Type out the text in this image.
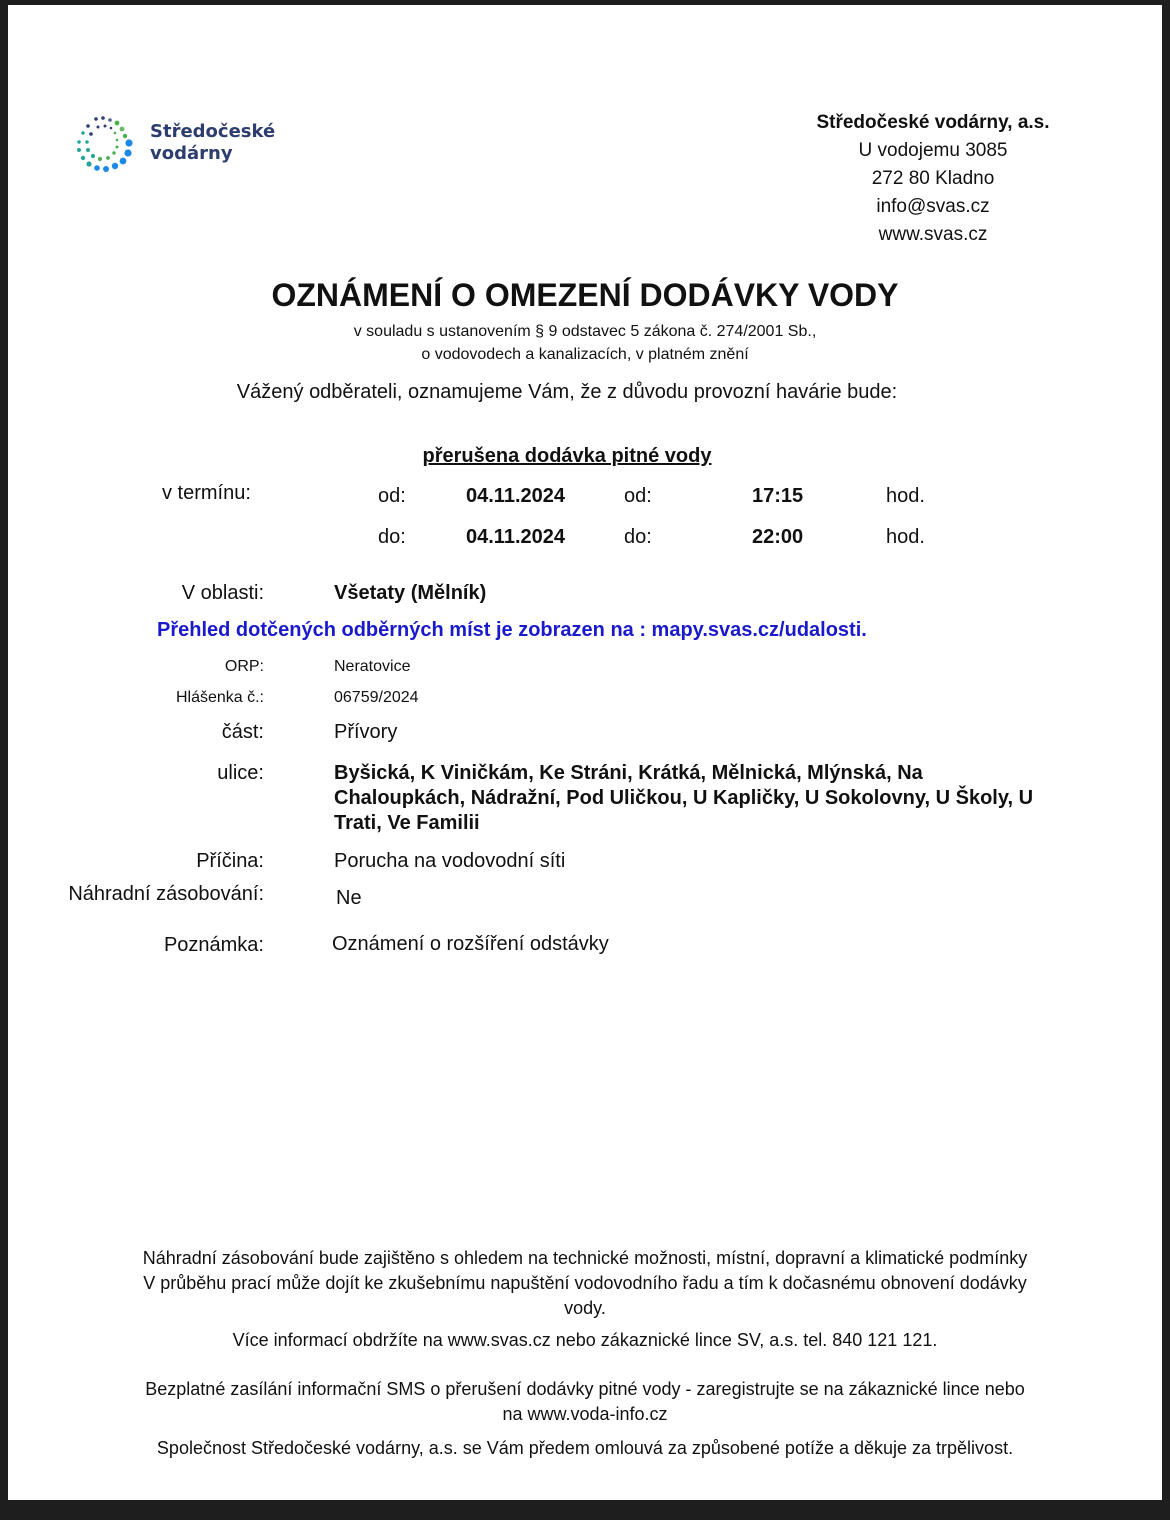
Středočeské
vodárny
Středočeské vodárny, a.s.
U vodojemu 3085
272 80 Kladno
info@svas.cz
www.svas.cz
OZNÁMENÍ O OMEZENÍ DODÁVKY VODY
v souladu s ustanovením § 9 odstavec 5 zákona č. 274/2001 Sb.,
o vodovodech a kanalizacích, v platném znění
Vážený odběrateli, oznamujeme Vám, že z důvodu provozní havárie bude:
přerušena dodávka pitné vody
v termínu:	od:	04.11.2024	od:	17:15	hod.
do:	04.11.2024	do:	22:00	hod.
V oblasti:	Všetaty (Mělník)
Přehled dotčených odběrných míst je zobrazen na : mapy.svas.cz/udalosti.
ORP:	Neratovice
Hlášenka č.:	06759/2024
část:	Přívory
ulice:	Byšická, K Viničkám, Ke Stráni, Krátká, Mělnická, Mlýnská, Na Chaloupkách, Nádražní, Pod Uličkou, U Kapličky, U Sokolovny, U Školy, U Trati, Ve Familii
Příčina:	Porucha na vodovodní síti
Náhradní zásobování:	Ne
Poznámka:	Oznámení o rozšíření odstávky
Náhradní zásobování bude zajištěno s ohledem na technické možnosti, místní, dopravní a klimatické podmínky
V průběhu prací může dojít ke zkušebnímu napuštění vodovodního řadu a tím k dočasnému obnovení dodávky
vody.
Více informací obdržíte na www.svas.cz nebo zákaznické lince SV, a.s. tel. 840 121 121.
Bezplatné zasílání informační SMS o přerušení dodávky pitné vody - zaregistrujte se na zákaznické lince nebo
na www.voda-info.cz
Společnost Středočeské vodárny, a.s. se Vám předem omlouvá za způsobené potíže a děkuje za trpělivost.
